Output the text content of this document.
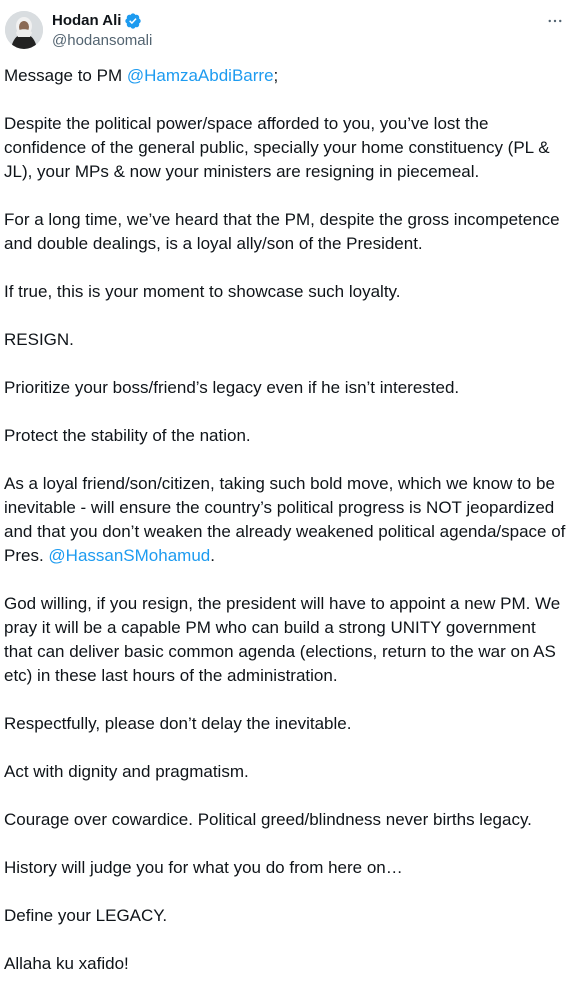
Hodan Ali
@hodansomali

Message to PM @HamzaAbdiBarre;

Despite the political power/space afforded to you, you’ve lost the confidence of the general public, specially your home constituency (PL & JL), your MPs & now your ministers are resigning in piecemeal.

For a long time, we’ve heard that the PM, despite the gross incompetence and double dealings, is a loyal ally/son of the President.

If true, this is your moment to showcase such loyalty.

RESIGN.

Prioritize your boss/friend’s legacy even if he isn’t interested.

Protect the stability of the nation.

As a loyal friend/son/citizen, taking such bold move, which we know to be inevitable - will ensure the country’s political progress is NOT jeopardized and that you don’t weaken the already weakened political agenda/space of Pres. @HassanSMohamud.

God willing, if you resign, the president will have to appoint a new PM. We pray it will be a capable PM who can build a strong UNITY government that can deliver basic common agenda (elections, return to the war on AS etc) in these last hours of the administration.

Respectfully, please don’t delay the inevitable.

Act with dignity and pragmatism.

Courage over cowardice. Political greed/blindness never births legacy.

History will judge you for what you do from here on…

Define your LEGACY.

Allaha ku xafido!
